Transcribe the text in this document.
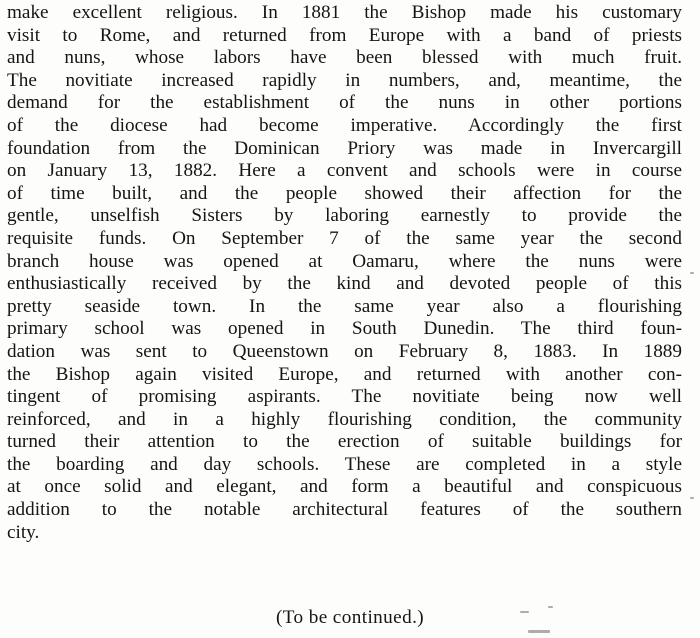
make excellent religious. In 1881 the Bishop made his customary
visit to Rome, and returned from Europe with a band of priests
and nuns, whose labors have been blessed with much fruit.
The novitiate increased rapidly in numbers, and, meantime, the
demand for the establishment of the nuns in other portions
of the diocese had become imperative. Accordingly the first
foundation from the Dominican Priory was made in Invercargill
on January 13, 1882. Here a convent and schools were in course
of time built, and the people showed their affection for the
gentle, unselfish Sisters by laboring earnestly to provide the
requisite funds. On September 7 of the same year the second
branch house was opened at Oamaru, where the nuns were
enthusiastically received by the kind and devoted people of this
pretty seaside town. In the same year also a flourishing
primary school was opened in South Dunedin. The third foun-
dation was sent to Queenstown on February 8, 1883. In 1889
the Bishop again visited Europe, and returned with another con-
tingent of promising aspirants. The novitiate being now well
reinforced, and in a highly flourishing condition, the community
turned their attention to the erection of suitable buildings for
the boarding and day schools. These are completed in a style
at once solid and elegant, and form a beautiful and conspicuous
addition to the notable architectural features of the southern
city.
(To be continued.)
